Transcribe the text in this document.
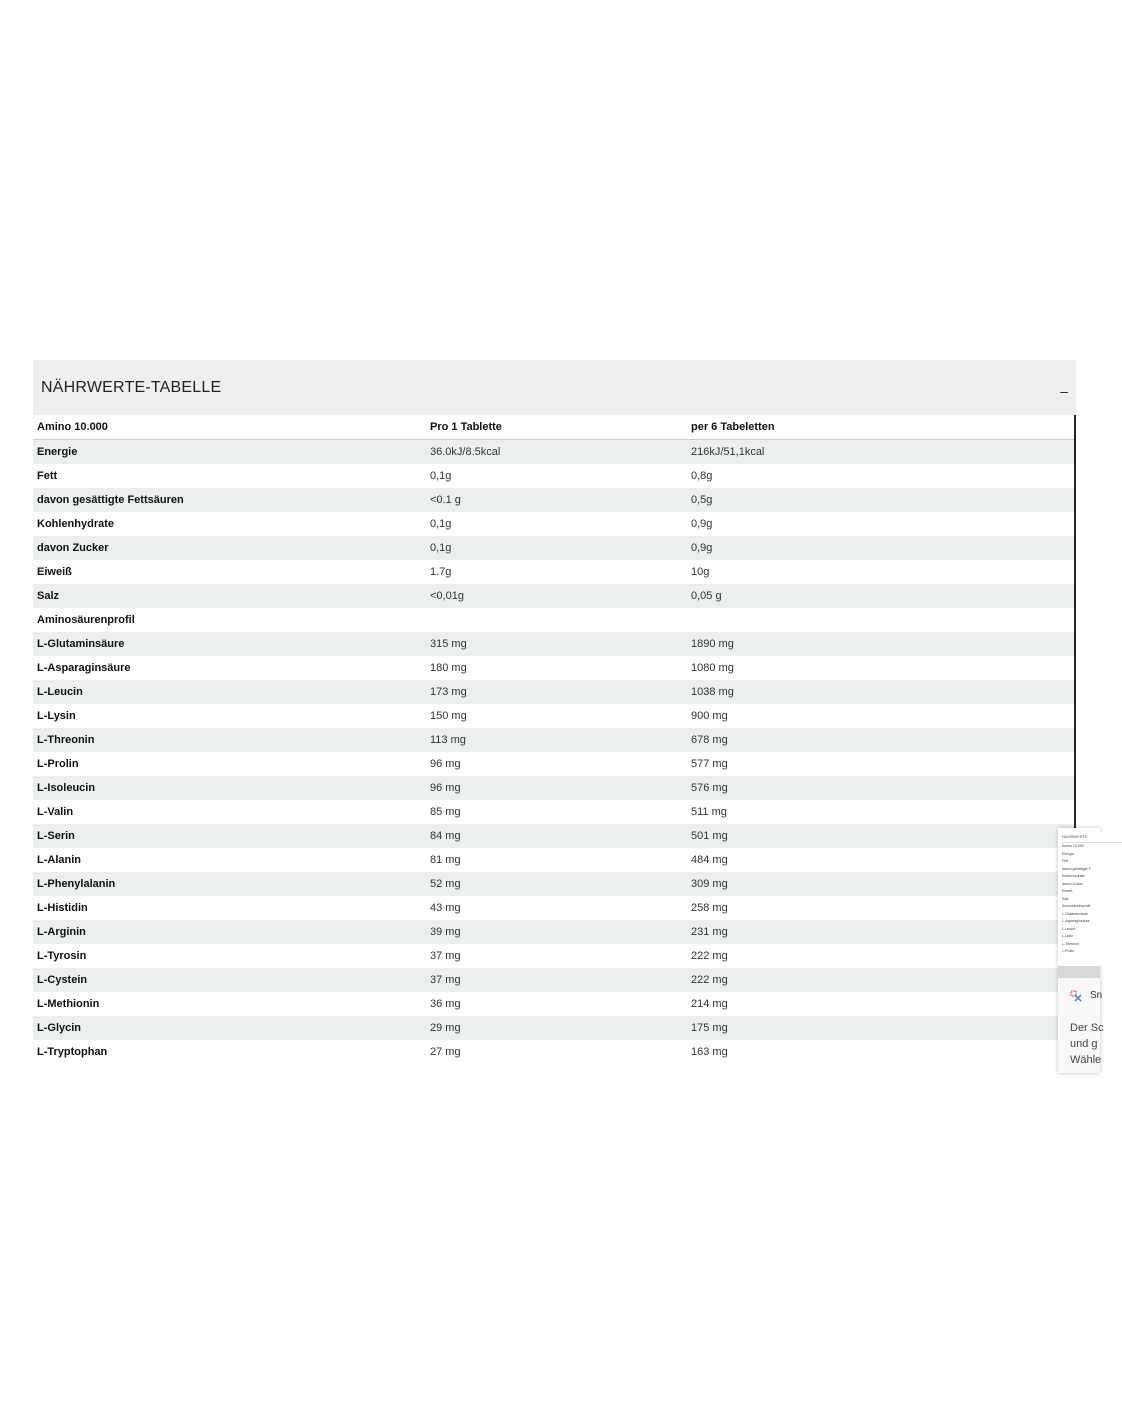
NÄHRWERTE-TABELLE	–
Amino 10.000	Pro 1 Tablette	per 6 Tabeletten
Energie	36.0kJ/8.5kcal	216kJ/51,1kcal
Fett	0,1g	0,8g
davon gesättigte Fettsäuren	<0.1 g	0,5g
Kohlenhydrate	0,1g	0,9g
davon Zucker	0,1g	0,9g
Eiweiß	1.7g	10g
Salz	<0,01g	0,05 g
Aminosäurenprofil		
L-Glutaminsäure	315 mg	1890 mg
L-Asparaginsäure	180 mg	1080 mg
L-Leucin	173 mg	1038 mg
L-Lysin	150 mg	900 mg
L-Threonin	113 mg	678 mg
L-Prolin	96 mg	577 mg
L-Isoleucin	96 mg	576 mg
L-Valin	85 mg	511 mg
L-Serin	84 mg	501 mg
L-Alanin	81 mg	484 mg
L-Phenylalanin	52 mg	309 mg
L-Histidin	43 mg	258 mg
L-Arginin	39 mg	231 mg
L-Tyrosin	37 mg	222 mg
L-Cystein	37 mg	222 mg
L-Methionin	36 mg	214 mg
L-Glycin	29 mg	175 mg
L-Tryptophan	27 mg	163 mg
NÄHRWERTE
Amino 10.000
Energie
Fett
davon gesättigte F
Kohlenhydrate
davon Zucker
Eiweiß
Salz
Aminosäurenprofil
L-Glutaminsäure
L-Asparaginsäure
L-Leucin
L-Lysin
L-Threonin
L-Prolin
Sn
Der Sc
und g
Wähle
